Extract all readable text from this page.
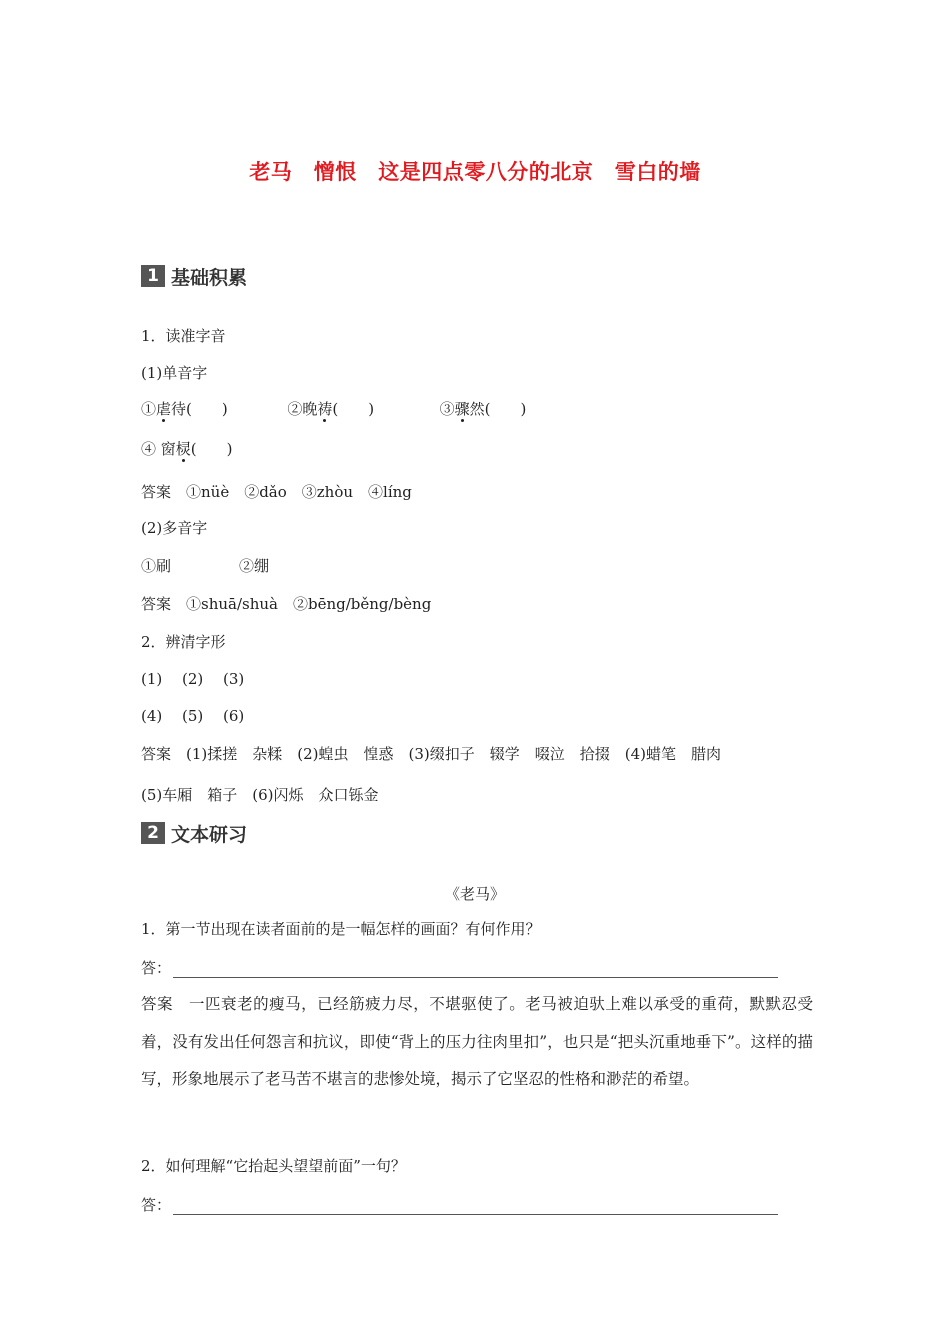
老马　憎恨　这是四点零八分的北京　雪白的墙
1 基础积累
1．读准字音
(1)单音字
①虐待(　　)	②晚祷(　　)	③骤然(　　)
④ 窗棂(　　)
答案　①nüè　②dǎo　③zhòu　④líng
(2)多音字
①刷	②绷
答案　①shuā/shuà　②bēng/běng/bèng
2．辨清字形
(1)　 (2)　 (3)
(4)　 (5)　 (6)
答案　(1)揉搓　杂糅　(2)蝗虫　惶惑　(3)缀扣子　辍学　啜泣　拾掇　(4)蜡笔　腊肉
(5)车厢　箱子　(6)闪烁　众口铄金
2 文本研习
《老马》
1．第一节出现在读者面前的是一幅怎样的画面？有何作用？
答：
答案　一匹衰老的瘦马，已经筋疲力尽，不堪驱使了。老马被迫驮上难以承受的重荷，默默忍受着，没有发出任何怨言和抗议，即使“背上的压力往肉里扣”，也只是“把头沉重地垂下”。这样的描写，形象地展示了老马苦不堪言的悲惨处境，揭示了它坚忍的性格和渺茫的希望。
2．如何理解“它抬起头望望前面”一句？
答：
